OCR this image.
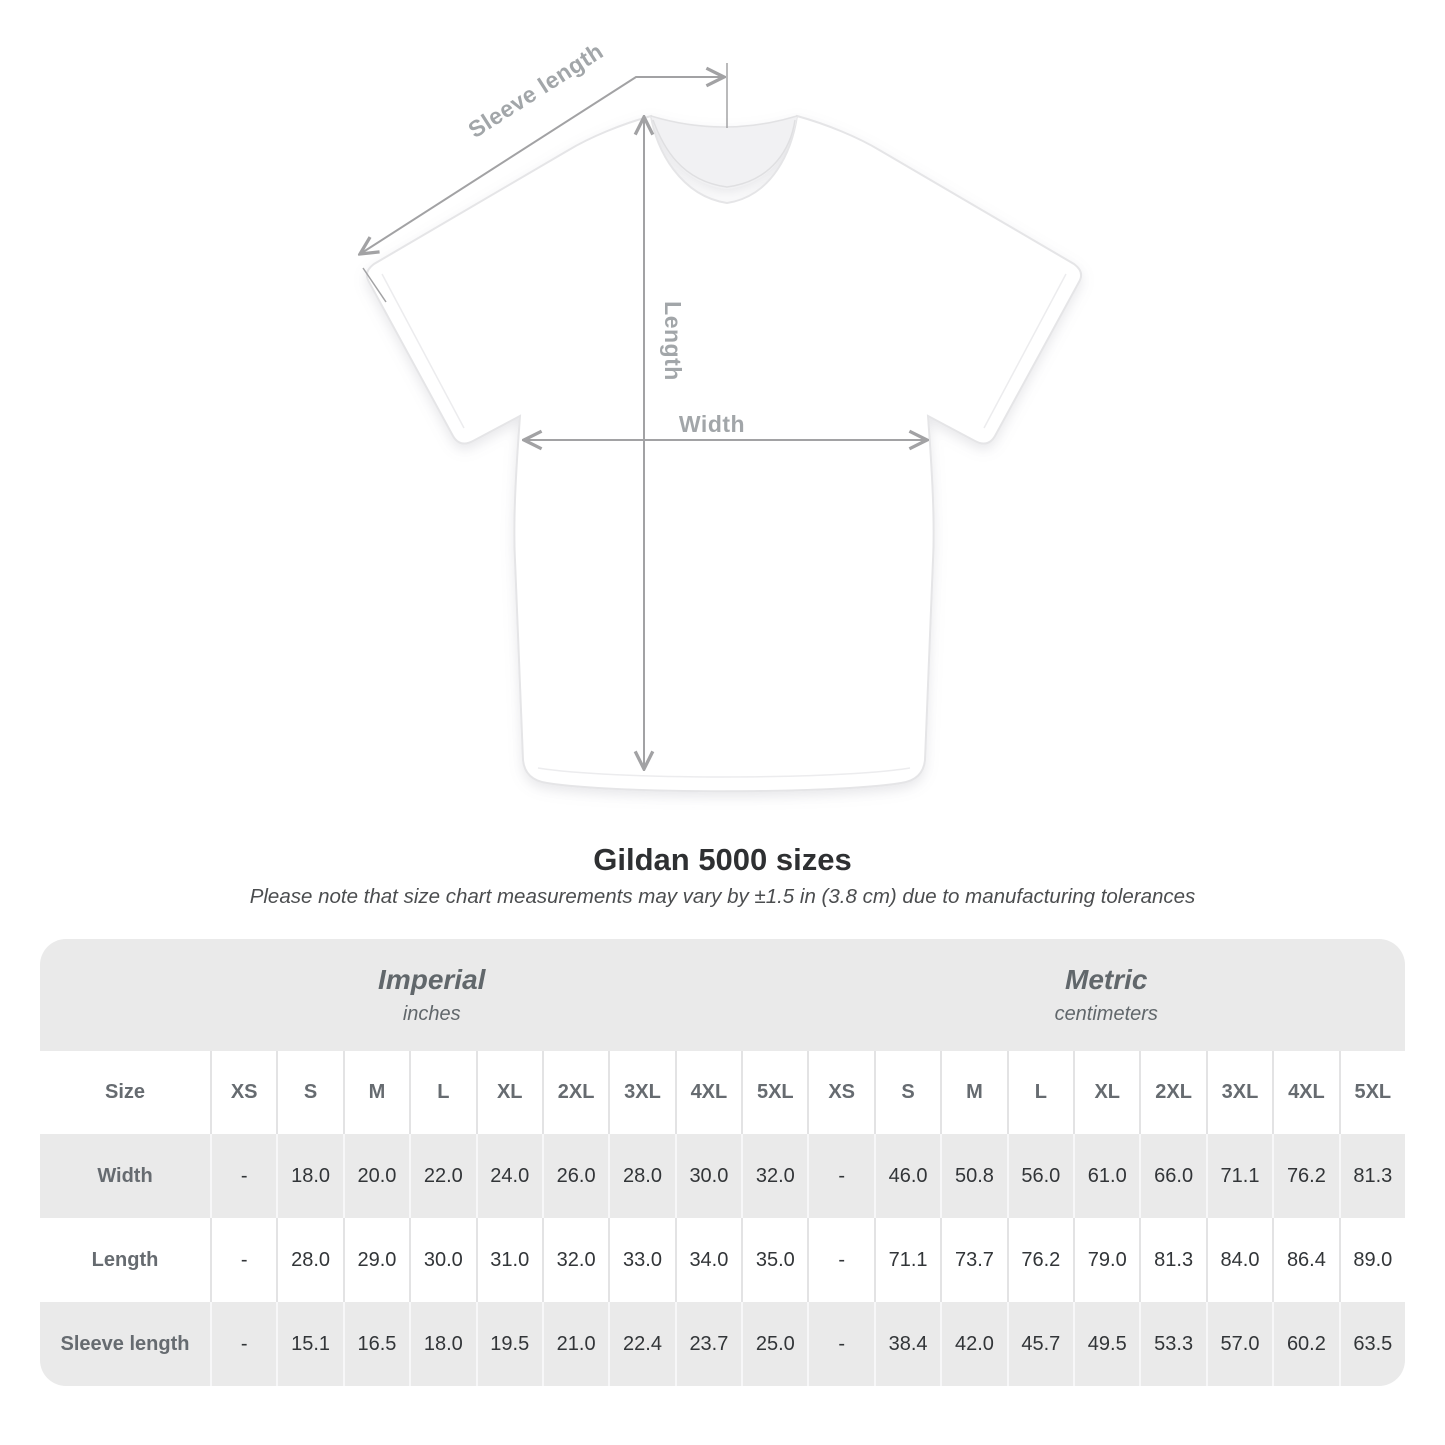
Sleeve length
Length
Width
Gildan 5000 sizes

Please note that size chart measurements may vary by ±1.5 in (3.8 cm) due to manufacturing tolerances

Imperial
inches
Metric
centimeters
Size	XS	S	M	L	XL	2XL	3XL	4XL	5XL	XS	S	M	L	XL	2XL	3XL	4XL	5XL
Width	-	18.0	20.0	22.0	24.0	26.0	28.0	30.0	32.0	-	46.0	50.8	56.0	61.0	66.0	71.1	76.2	81.3
Length	-	28.0	29.0	30.0	31.0	32.0	33.0	34.0	35.0	-	71.1	73.7	76.2	79.0	81.3	84.0	86.4	89.0
Sleeve length	-	15.1	16.5	18.0	19.5	21.0	22.4	23.7	25.0	-	38.4	42.0	45.7	49.5	53.3	57.0	60.2	63.5
